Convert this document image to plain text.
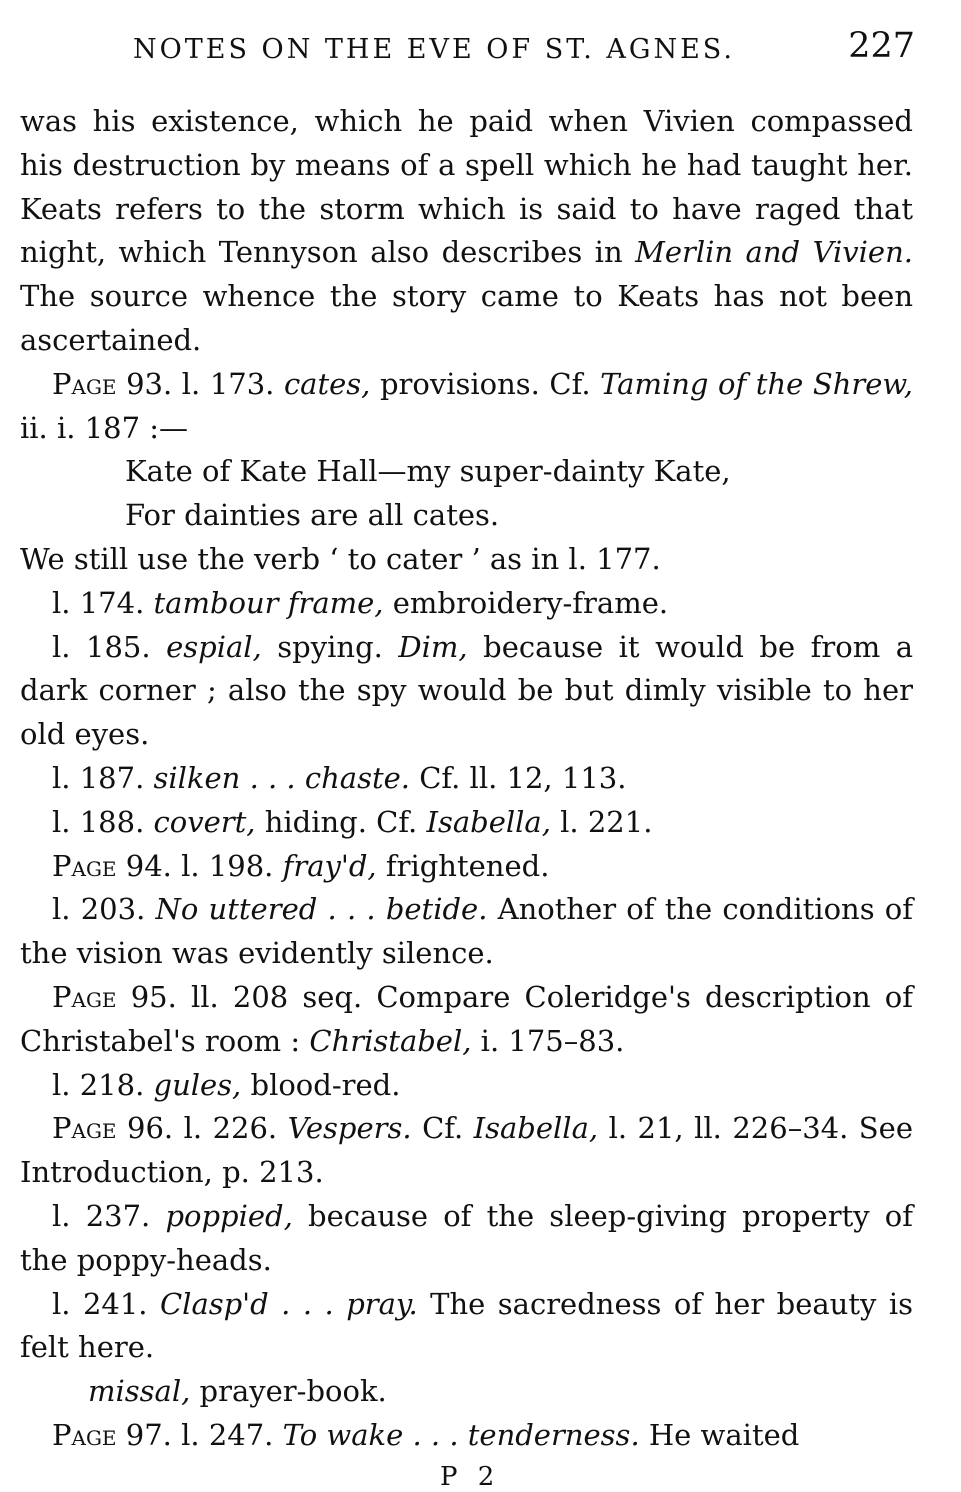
NOTES ON THE EVE OF ST. AGNES.	227

was his existence, which he paid when Vivien compassed his destruction by means of a spell which he had taught her. Keats refers to the storm which is said to have raged that night, which Tennyson also describes in Merlin and Vivien. The source whence the story came to Keats has not been ascertained.

Page 93. l. 173. cates, provisions. Cf. Taming of the Shrew, ii. i. 187 :—

Kate of Kate Hall—my super-dainty Kate,

For dainties are all cates.

We still use the verb ‘ to cater ’ as in l. 177.

l. 174. tambour frame, embroidery-frame.

l. 185. espial, spying. Dim, because it would be from a dark corner ; also the spy would be but dimly visible to her old eyes.

l. 187. silken . . . chaste. Cf. ll. 12, 113.

l. 188. covert, hiding. Cf. Isabella, l. 221.

Page 94. l. 198. fray'd, frightened.

l. 203. No uttered . . . betide. Another of the conditions of the vision was evidently silence.

Page 95. ll. 208 seq. Compare Coleridge's description of Christabel's room : Christabel, i. 175–83.

l. 218. gules, blood-red.

Page 96. l. 226. Vespers. Cf. Isabella, l. 21, ll. 226–34. See Introduction, p. 213.

l. 237. poppied, because of the sleep-giving property of the poppy-heads.

l. 241. Clasp'd . . . pray. The sacredness of her beauty is felt here.

missal, prayer-book.

Page 97. l. 247. To wake . . . tenderness. He waited

P 2
